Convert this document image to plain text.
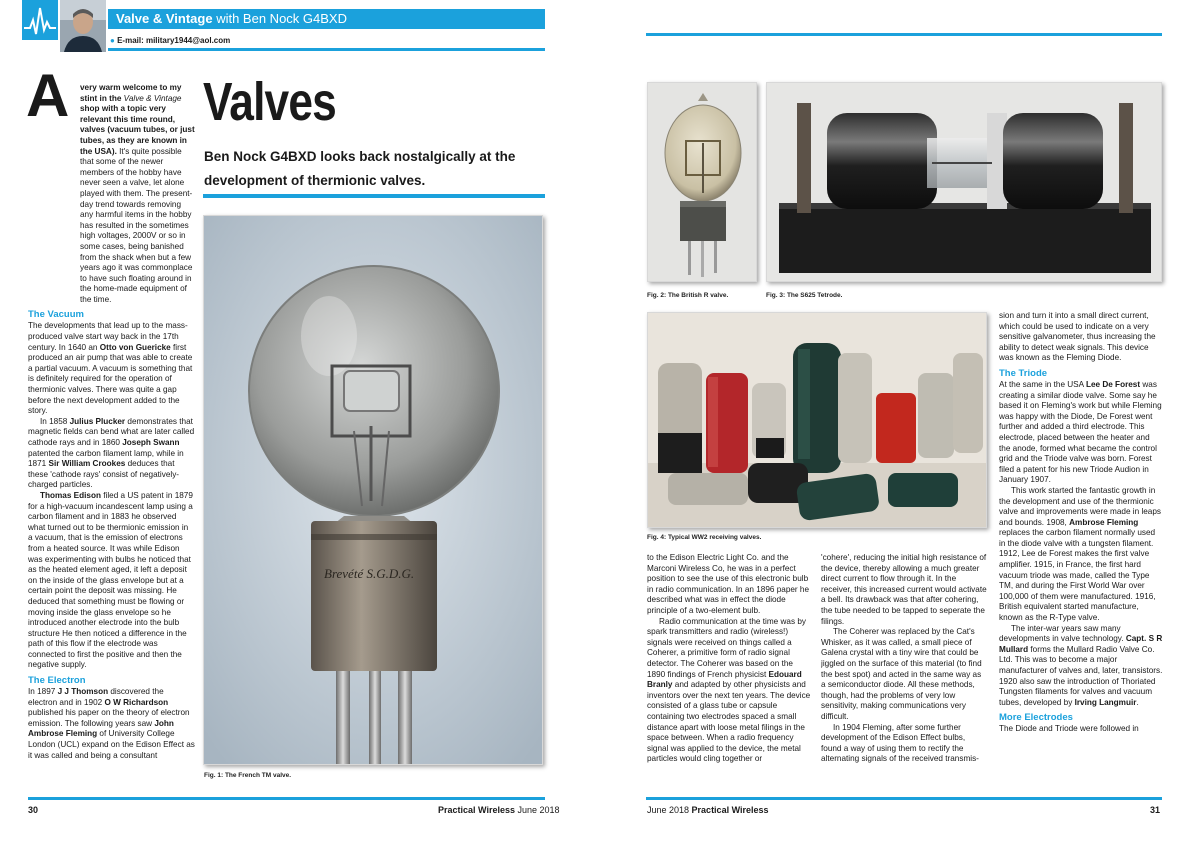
Valve & Vintage with Ben Nock G4BXD
● E-mail: military1944@aol.com
A	very warm welcome to my stint in the Valve & Vintage shop with a topic very relevant this time round, valves (vacuum tubes, or just tubes, as they are known in the USA). It's quite possible that some of the newer members of the hobby have never seen a valve, let alone played with them. The present-day trend towards removing any harmful items in the hobby has resulted in the sometimes high voltages, 2000V or so in some cases, being banished from the shack when but a few years ago it was commonplace to have such floating around in the home-made equipment of the time.

The Vacuum

The developments that lead up to the mass-produced valve start way back in the 17th century. In 1640 an Otto von Guericke first produced an air pump that was able to create a partial vacuum. A vacuum is something that is definitely required for the operation of thermionic valves. There was quite a gap before the next development added to the story.

In 1858 Julius Plucker demonstrates that magnetic fields can bend what are later called cathode rays and in 1860 Joseph Swann patented the carbon filament lamp, while in 1871 Sir William Crookes deduces that these 'cathode rays' consist of negatively-charged particles.

Thomas Edison filed a US patent in 1879 for a high-vacuum incandescent lamp using a carbon filament and in 1883 he observed what turned out to be thermionic emission in a vacuum, that is the emission of electrons from a heated source. It was while Edison was experimenting with bulbs he noticed that as the heated element aged, it left a deposit on the inside of the glass envelope but at a certain point the deposit was missing. He deduced that something must be flowing or moving inside the glass envelope so he introduced another electrode into the bulb structure He then noticed a difference in the path of this flow if the electrode was connected to first the positive and then the negative supply.

The Electron

In 1897 J J Thomson discovered the electron and in 1902 O W Richardson published his paper on the theory of electron emission. The following years saw John Ambrose Fleming of University College London (UCL) expand on the Edison Effect as it was called and being a consultant

Valves
Ben Nock G4BXD looks back nostalgically at the development of thermionic valves.
Brevété S.G.D.G.
Fig. 1: The French TM valve.
Fig. 2: The British R valve.	Fig. 3: The S625 Tetrode.
Fig. 4: Typical WW2 receiving valves.

to the Edison Electric Light Co. and the Marconi Wireless Co, he was in a perfect position to see the use of this electronic bulb in radio communication. In an 1896 paper he described what was in effect the diode principle of a two-element bulb.

Radio communication at the time was by spark transmitters and radio (wireless!) signals were received on things called a Coherer, a primitive form of radio signal detector. The Coherer was based on the 1890 findings of French physicist Edouard Branly and adapted by other physicists and inventors over the next ten years. The device consisted of a glass tube or capsule containing two electrodes spaced a small distance apart with loose metal filings in the space between. When a radio frequency signal was applied to the device, the metal particles would cling together or

'cohere', reducing the initial high resistance of the device, thereby allowing a much greater direct current to flow through it. In the receiver, this increased current would activate a bell. Its drawback was that after cohering, the tube needed to be tapped to seperate the filings.

The Coherer was replaced by the Cat's Whisker, as it was called, a small piece of Galena crystal with a tiny wire that could be jiggled on the surface of this material (to find the best spot) and acted in the same way as a semiconductor diode. All these methods, though, had the problems of very low sensitivity, making communications very difficult.

In 1904 Fleming, after some further development of the Edison Effect bulbs, found a way of using them to rectify the alternating signals of the received transmis-

sion and turn it into a small direct current, which could be used to indicate on a very sensitive galvanometer, thus increasing the ability to detect weak signals. This device was known as the Fleming Diode.

The Triode

At the same in the USA Lee De Forest was creating a similar diode valve. Some say he based it on Fleming's work but while Fleming was happy with the Diode, De Forest went further and added a third electrode. This electrode, placed between the heater and the anode, formed what became the control grid and the Triode valve was born. Forest filed a patent for his new Triode Audion in January 1907.

This work started the fantastic growth in the development and use of the thermionic valve and improvements were made in leaps and bounds. 1908, Ambrose Fleming replaces the carbon filament normally used in the diode valve with a tungsten filament. 1912, Lee de Forest makes the first valve amplifier. 1915, in France, the first hard vacuum triode was made, called the Type TM, and during the First World War over 100,000 of them were manufactured. 1916, British equivalent started manufacture, known as the R-Type valve.

The inter-war years saw many developments in valve technology. Capt. S R Mullard forms the Mullard Radio Valve Co. Ltd. This was to become a major manufacturer of valves and, later, transistors. 1920 also saw the introduction of Thoriated Tungsten filaments for valves and vacuum tubes, developed by Irving Langmuir.

More Electrodes

The Diode and Triode were followed in

30	Practical Wireless June 2018	June 2018 Practical Wireless	31
